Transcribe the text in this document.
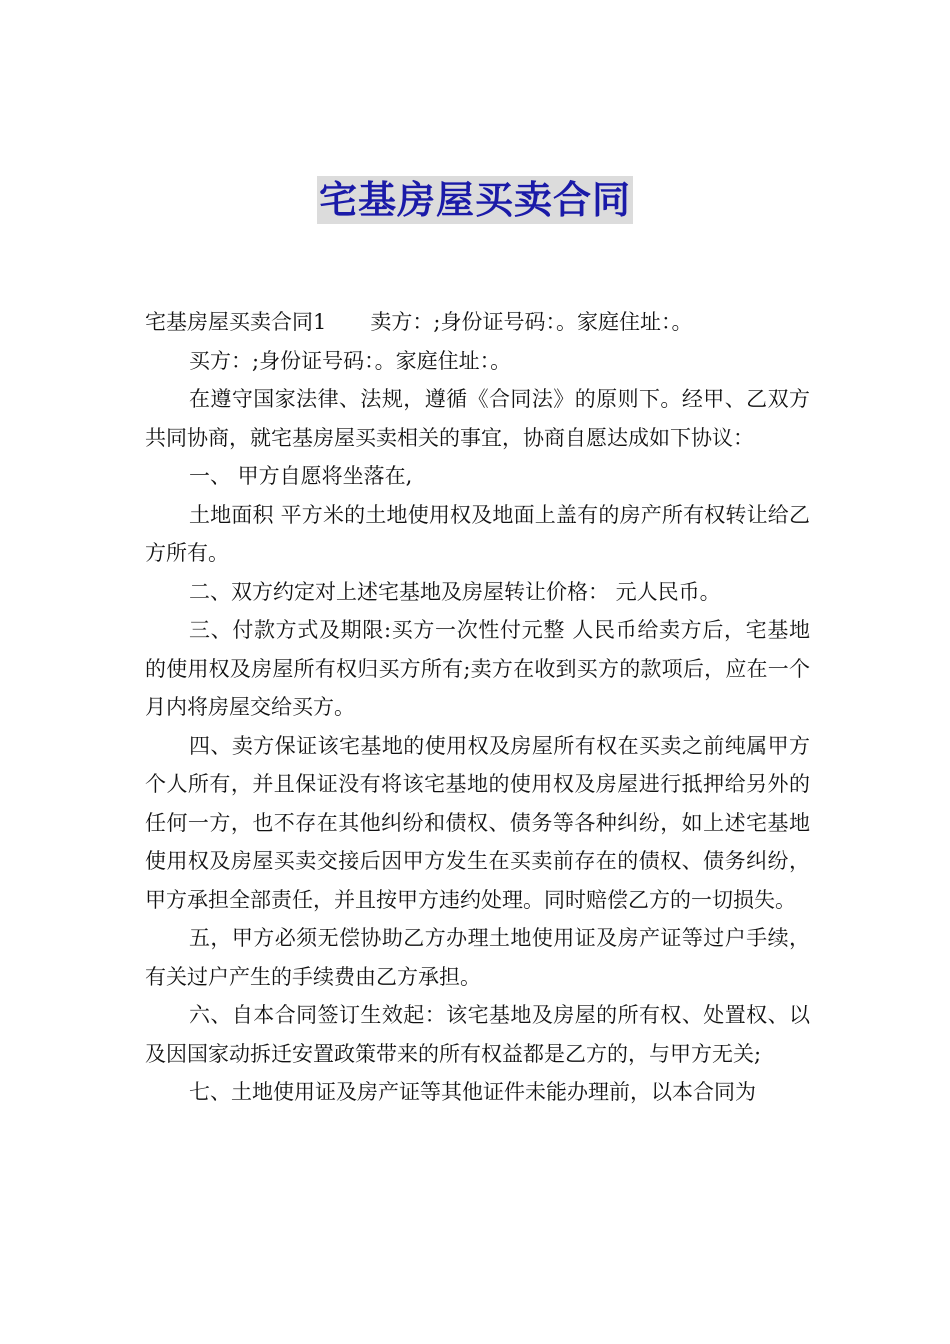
宅基房屋买卖合同

宅基房屋买卖合同1 卖方：;身份证号码：。家庭住址：。

买方：;身份证号码：。家庭住址：。

在遵守国家法律、法规，遵循《合同法》的原则下。经甲、乙双方共同协商，就宅基房屋买卖相关的事宜，协商自愿达成如下协议：

一、 甲方自愿将坐落在,

土地面积 平方米的土地使用权及地面上盖有的房产所有权转让给乙方所有。

二、双方约定对上述宅基地及房屋转让价格： 元人民币。

三、付款方式及期限:买方一次性付元整 人民币给卖方后，宅基地的使用权及房屋所有权归买方所有;卖方在收到买方的款项后，应在一个月内将房屋交给买方。

四、卖方保证该宅基地的使用权及房屋所有权在买卖之前纯属甲方个人所有，并且保证没有将该宅基地的使用权及房屋进行抵押给另外的任何一方，也不存在其他纠纷和债权、债务等各种纠纷，如上述宅基地使用权及房屋买卖交接后因甲方发生在买卖前存在的债权、债务纠纷，甲方承担全部责任，并且按甲方违约处理。同时赔偿乙方的一切损失。

五，甲方必须无偿协助乙方办理土地使用证及房产证等过户手续，有关过户产生的手续费由乙方承担。

六、自本合同签订生效起：该宅基地及房屋的所有权、处置权、以及因国家动拆迁安置政策带来的所有权益都是乙方的，与甲方无关;

七、土地使用证及房产证等其他证件未能办理前，以本合同为
